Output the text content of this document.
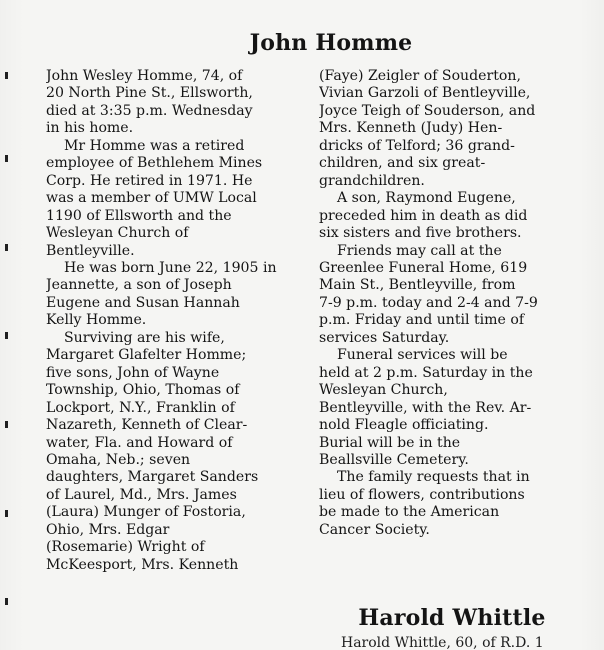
John Homme
John Wesley Homme, 74, of
20 North Pine St., Ellsworth,
died at 3:35 p.m. Wednesday
in his home.
Mr Homme was a retired
employee of Bethlehem Mines
Corp. He retired in 1971. He
was a member of UMW Local
1190 of Ellsworth and the
Wesleyan Church of
Bentleyville.
He was born June 22, 1905 in
Jeannette, a son of Joseph
Eugene and Susan Hannah
Kelly Homme.
Surviving are his wife,
Margaret Glafelter Homme;
five sons, John of Wayne
Township, Ohio, Thomas of
Lockport, N.Y., Franklin of
Nazareth, Kenneth of Clear-
water, Fla. and Howard of
Omaha, Neb.; seven
daughters, Margaret Sanders
of Laurel, Md., Mrs. James
(Laura) Munger of Fostoria,
Ohio, Mrs. Edgar
(Rosemarie) Wright of
McKeesport, Mrs. Kenneth
(Faye) Zeigler of Souderton,
Vivian Garzoli of Bentleyville,
Joyce Teigh of Souderson, and
Mrs. Kenneth (Judy) Hen-
dricks of Telford; 36 grand-
children, and six great-
grandchildren.
A son, Raymond Eugene,
preceded him in death as did
six sisters and five brothers.
Friends may call at the
Greenlee Funeral Home, 619
Main St., Bentleyville, from
7-9 p.m. today and 2-4 and 7-9
p.m. Friday and until time of
services Saturday.
Funeral services will be
held at 2 p.m. Saturday in the
Wesleyan Church,
Bentleyville, with the Rev. Ar-
nold Fleagle officiating.
Burial will be in the
Beallsville Cemetery.
The family requests that in
lieu of flowers, contributions
be made to the American
Cancer Society.
Harold Whittle
Harold Whittle, 60, of R.D. 1
